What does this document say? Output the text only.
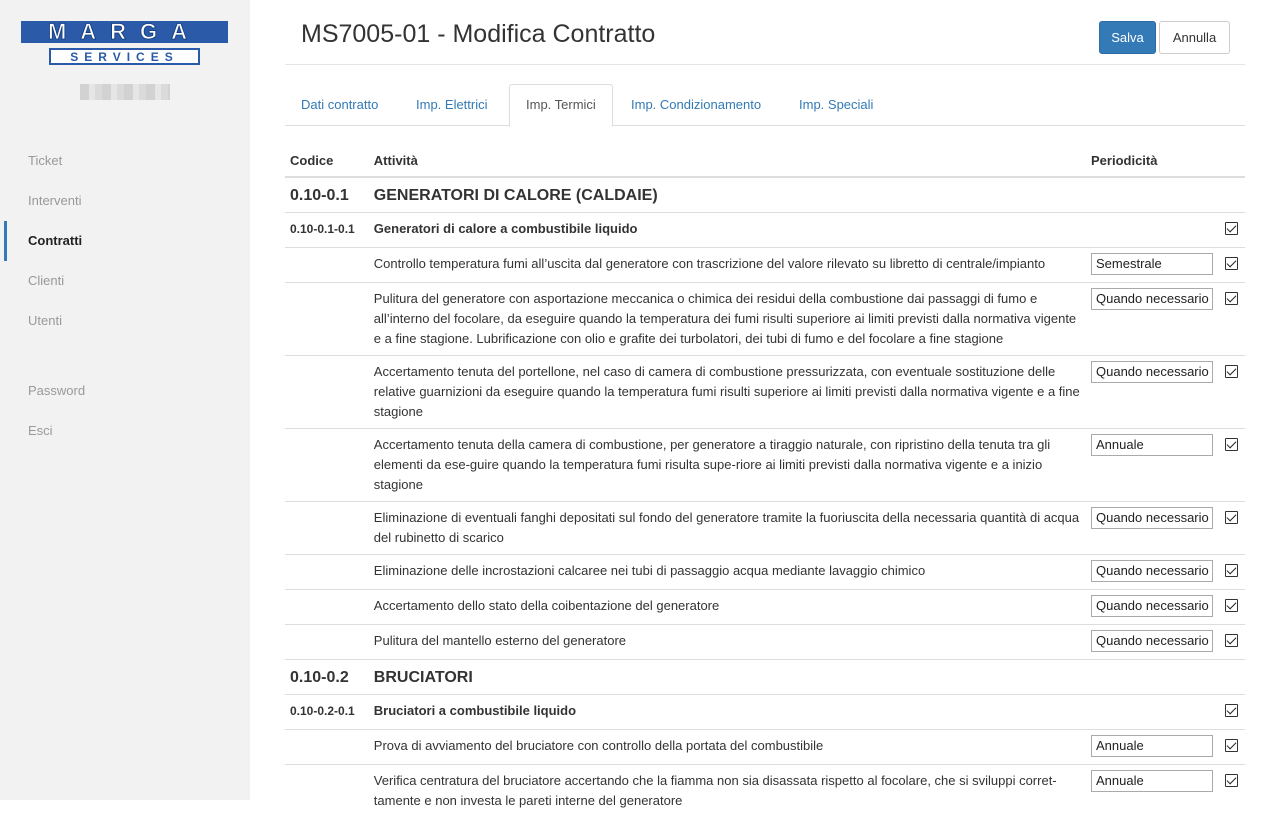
MARGA
SERVICES
Ticket
Interventi
Contratti
Clienti
Utenti
Password
Esci
MS7005-01 - Modifica Contratto	Salva	Annulla
Dati contratto	Imp. Elettrici	Imp. Termici	Imp. Condizionamento	Imp. Speciali
Codice	Attività	Periodicità	
0.10-0.1	GENERATORI DI CALORE (CALDAIE)		
0.10-0.1-0.1	Generatori di calore a combustibile liquido		
	Controllo temperatura fumi all’uscita dal generatore con trascrizione del valore rilevato su libretto di centrale/impianto	Semestrale	

	Pulitura del generatore con asportazione meccanica o chimica dei residui della combustione dai passaggi di fumo e all’interno del focolare, da eseguire quando la temperatura dei fumi risulti superiore ai limiti previsti dalla normativa vigente e a fine stagione. Lubrificazione con olio e grafite dei turbolatori, dei tubi di fumo e del focolare a fine stagione	Quando necessario	

	Accertamento tenuta del portellone, nel caso di camera di combustione pressurizzata, con eventuale sostituzione delle relative guarnizioni da eseguire quando la temperatura fumi risulti superiore ai limiti previsti dalla normativa vigente e a fine stagione	Quando necessario	

	Accertamento tenuta della camera di combustione, per generatore a tiraggio naturale, con ripristino della tenuta tra gli elementi da ese-guire quando la temperatura fumi risulta supe-riore ai limiti previsti dalla normativa vigente e a inizio stagione	Annuale	

	Eliminazione di eventuali fanghi depositati sul fondo del generatore tramite la fuoriuscita della necessaria quantità di acqua del rubinetto di scarico	Quando necessario	

	Eliminazione delle incrostazioni calcaree nei tubi di passaggio acqua mediante lavaggio chimico	Quando necessario	

	Accertamento dello stato della coibentazione del generatore	Quando necessario	

	Pulitura del mantello esterno del generatore	Quando necessario	

0.10-0.2	BRUCIATORI		
0.10-0.2-0.1	Bruciatori a combustibile liquido		
	Prova di avviamento del bruciatore con controllo della portata del combustibile	Annuale	

	Verifica centratura del bruciatore accertando che la fiamma non sia disassata rispetto al focolare, che si sviluppi corret-tamente e non investa le pareti interne del generatore	Annuale	
